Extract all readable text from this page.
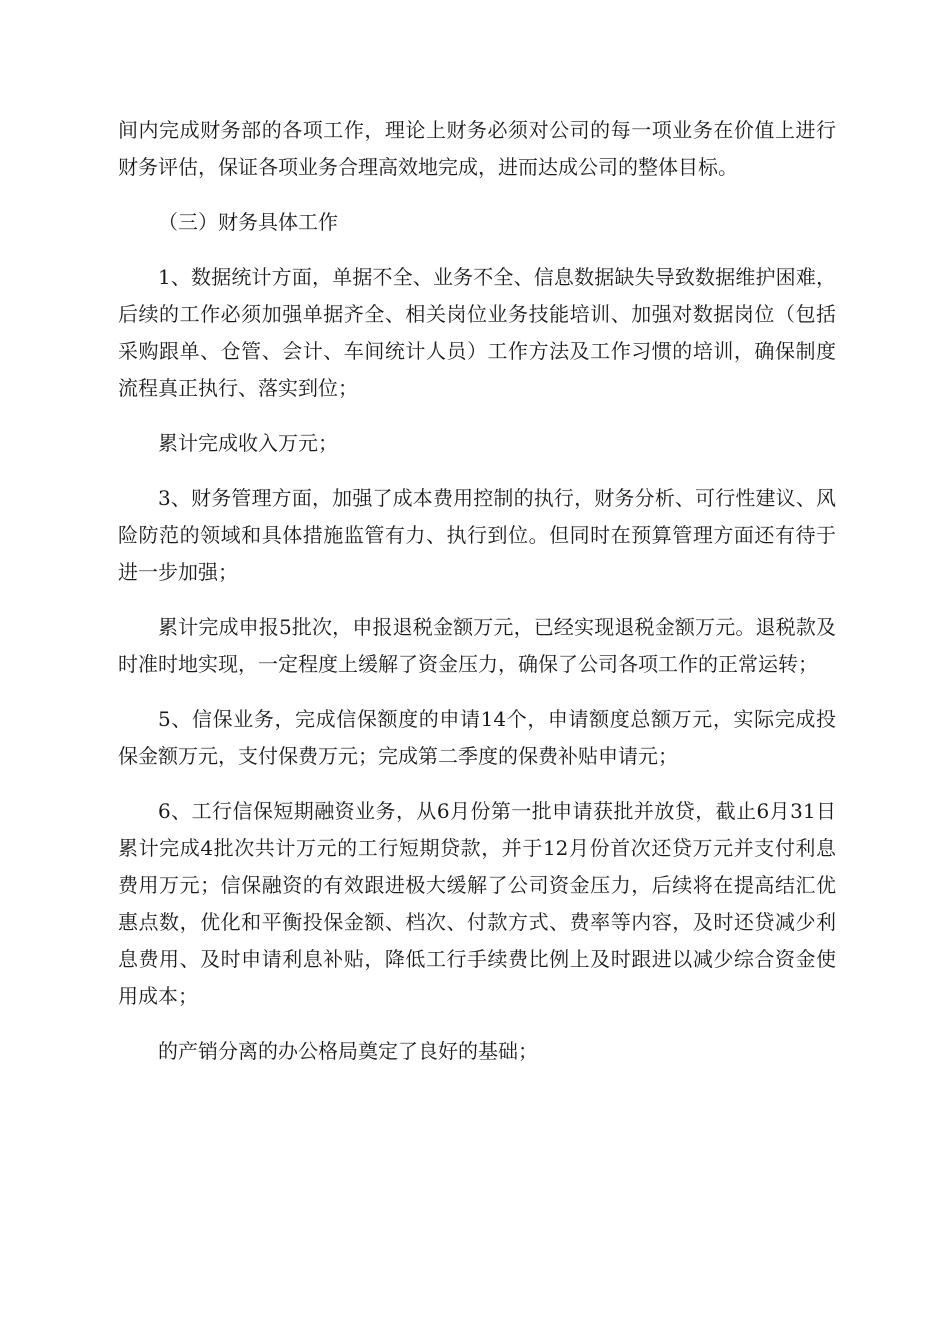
间内完成财务部的各项工作，理论上财务必须对公司的每一项业务在价值上进行财务评估，保证各项业务合理高效地完成，进而达成公司的整体目标。

（三）财务具体工作

1、数据统计方面，单据不全、业务不全、信息数据缺失导致数据维护困难，后续的工作必须加强单据齐全、相关岗位业务技能培训、加强对数据岗位（包括采购跟单、仓管、会计、车间统计人员）工作方法及工作习惯的培训，确保制度流程真正执行、落实到位；

累计完成收入万元；

3、财务管理方面，加强了成本费用控制的执行，财务分析、可行性建议、风险防范的领域和具体措施监管有力、执行到位。但同时在预算管理方面还有待于进一步加强；

累计完成申报5批次，申报退税金额万元，已经实现退税金额万元。退税款及时准时地实现，一定程度上缓解了资金压力，确保了公司各项工作的正常运转；

5、信保业务，完成信保额度的申请14个，申请额度总额万元，实际完成投保金额万元，支付保费万元；完成第二季度的保费补贴申请元；

6、工行信保短期融资业务，从6月份第一批申请获批并放贷，截止6月31日累计完成4批次共计万元的工行短期贷款，并于12月份首次还贷万元并支付利息费用万元；信保融资的有效跟进极大缓解了公司资金压力，后续将在提高结汇优惠点数，优化和平衡投保金额、档次、付款方式、费率等内容，及时还贷减少利息费用、及时申请利息补贴，降低工行手续费比例上及时跟进以减少综合资金使用成本；

的产销分离的办公格局奠定了良好的基础；
